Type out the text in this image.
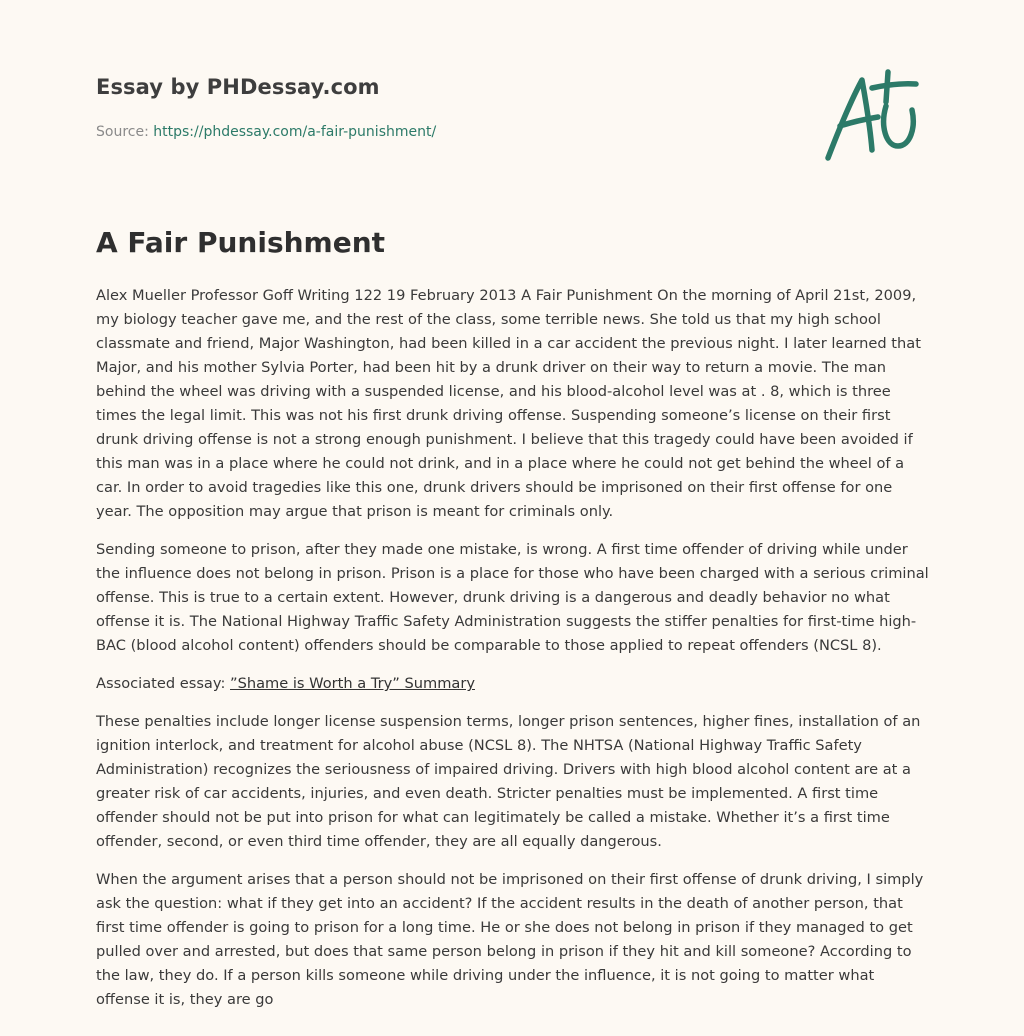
Essay by PHDessay.com
Source: https://phdessay.com/a-fair-punishment/
A Fair Punishment

Alex Mueller Professor Goff Writing 122 19 February 2013 A Fair Punishment On the morning of April 21st, 2009, my biology teacher gave me, and the rest of the class, some terrible news. She told us that my high school classmate and friend, Major Washington, had been killed in a car accident the previous night. I later learned that Major, and his mother Sylvia Porter, had been hit by a drunk driver on their way to return a movie. The man behind the wheel was driving with a suspended license, and his blood-alcohol level was at . 8, which is three times the legal limit. This was not his first drunk driving offense. Suspending someone’s license on their first drunk driving offense is not a strong enough punishment. I believe that this tragedy could have been avoided if this man was in a place where he could not drink, and in a place where he could not get behind the wheel of a car. In order to avoid tragedies like this one, drunk drivers should be imprisoned on their first offense for one year. The opposition may argue that prison is meant for criminals only.

Sending someone to prison, after they made one mistake, is wrong. A first time offender of driving while under the influence does not belong in prison. Prison is a place for those who have been charged with a serious criminal offense. This is true to a certain extent. However, drunk driving is a dangerous and deadly behavior no what offense it is. The National Highway Traffic Safety Administration suggests the stiffer penalties for first-time high-BAC (blood alcohol content) offenders should be comparable to those applied to repeat offenders (NCSL 8).

Associated essay: ”Shame is Worth a Try” Summary

These penalties include longer license suspension terms, longer prison sentences, higher fines, installation of an ignition interlock, and treatment for alcohol abuse (NCSL 8). The NHTSA (National Highway Traffic Safety Administration) recognizes the seriousness of impaired driving. Drivers with high blood alcohol content are at a greater risk of car accidents, injuries, and even death. Stricter penalties must be implemented. A first time offender should not be put into prison for what can legitimately be called a mistake. Whether it’s a first time offender, second, or even third time offender, they are all equally dangerous.

When the argument arises that a person should not be imprisoned on their first offense of drunk driving, I simply ask the question: what if they get into an accident? If the accident results in the death of another person, that first time offender is going to prison for a long time. He or she does not belong in prison if they managed to get pulled over and arrested, but does that same person belong in prison if they hit and kill someone? According to the law, they do. If a person kills someone while driving under the influence, it is not going to matter what offense it is, they are go
